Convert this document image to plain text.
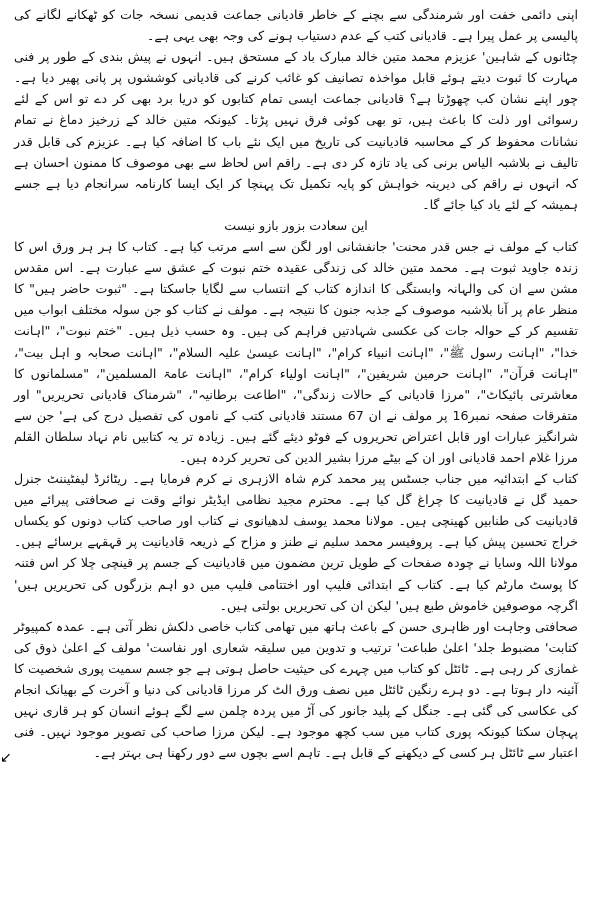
اپنی دائمی خفت اور شرمندگی سے بچنے کے خاطر قادیانی جماعت قدیمی نسخہ جات کو ٹھکانے لگانے کی پالیسی پر عمل پیرا ہے۔ قادیانی کتب کے عدم دستیاب ہونے کی وجہ بھی یہی ہے۔

چٹانوں کے شاہین' عزیزم محمد متین خالد مبارک باد کے مستحق ہیں۔ انہوں نے پیش بندی کے طور پر فنی مہارت کا ثبوت دیتے ہوئے قابل مواخذہ تصانیف کو غائب کرنے کی قادیانی کوششوں پر پانی پھیر دیا ہے۔ چور اپنے نشان کب چھوڑتا ہے؟ قادیانی جماعت ایسی تمام کتابوں کو دریا برد بھی کر دے تو اس کے لئے رسوائی اور ذلت کا باعث ہیں، تو بھی کوئی فرق نہیں پڑتا۔ کیونکہ متین خالد کے زرخیز دماغ نے تمام نشانات محفوظ کر کے محاسبہ قادیانیت کی تاریخ میں ایک نئے باب کا اضافہ کیا ہے۔ عزیزم کی قابل قدر تالیف نے بلاشبہ الیاس برنی کی یاد تازہ کر دی ہے۔ راقم اس لحاظ سے بھی موصوف کا ممنون احسان ہے کہ انہوں نے راقم کی دیرینہ خواہش کو پایہ تکمیل تک پہنچا کر ایک ایسا کارنامہ سرانجام دیا ہے جسے ہمیشہ کے لئے یاد کیا جائے گا۔

این سعادت بزور بازو نیست

کتاب کے مولف نے جس قدر محنت' جانفشانی اور لگن سے اسے مرتب کیا ہے۔ کتاب کا ہر ہر ورق اس کا زندہ جاوید ثبوت ہے۔ محمد متین خالد کی زندگی عقیدہ ختم نبوت کے عشق سے عبارت ہے۔ اس مقدس مشن سے ان کی والہانہ وابستگی کا اندازہ کتاب کے انتساب سے لگایا جاسکتا ہے۔ "ثبوت حاضر ہیں" کا منظر عام پر آنا بلاشبہ موصوف کے جذبہ جنون کا نتیجہ ہے۔ مولف نے کتاب کو جن سولہ مختلف ابواب میں تقسیم کر کے حوالہ جات کی عکسی شہادتیں فراہم کی ہیں۔ وہ حسب ذیل ہیں۔ "ختم نبوت"، "اہانت خدا"، "اہانت رسول ﷺ"، "اہانت انبیاء کرام"، "اہانت عیسیٰ علیہ السلام"، "اہانت صحابہ و اہل بیت"، "اہانت قرآن"، "اہانت حرمین شریفین"، "اہانت اولیاء کرام"، "اہانت عامۃ المسلمین"، "مسلمانوں کا معاشرتی بائیکاٹ"، "مرزا قادیانی کے حالات زندگی"، "اطاعت برطانیہ"، "شرمناک قادیانی تحریریں" اور متفرقات صفحہ نمبر16 پر مولف نے ان 67 مستند قادیانی کتب کے ناموں کی تفصیل درج کی ہے' جن سے شرانگیز عبارات اور قابل اعتراض تحریروں کے فوٹو دیئے گئے ہیں۔ زیادہ تر یہ کتابیں نام نہاد سلطان القلم مرزا غلام احمد قادیانی اور ان کے بیٹے مرزا بشیر الدین کی تحریر کردہ ہیں۔

کتاب کے ابتدائیہ میں جناب جسٹس پیر محمد کرم شاہ الازہری نے کرم فرمایا ہے۔ ریٹائرڈ لیفٹیننٹ جنرل حمید گل نے قادیانیت کا چراغ گل کیا ہے۔ محترم مجید نظامی ایڈیٹر نوائے وقت نے صحافتی پیرائے میں قادیانیت کی طنابیں کھینچی ہیں۔ مولانا محمد یوسف لدھیانوی نے کتاب اور صاحب کتاب دونوں کو یکساں خراج تحسین پیش کیا ہے۔ پروفیسر محمد سلیم نے طنز و مزاح کے ذریعہ قادیانیت پر قہقہے برسائے ہیں۔ مولانا اللہ وسایا نے چودہ صفحات کے طویل ترین مضمون میں قادیانیت کے جسم پر قینچی چلا کر اس فتنہ کا پوسٹ مارٹم کیا ہے۔ کتاب کے ابتدائی فلیپ اور اختتامی فلیپ میں دو اہم بزرگوں کی تحریریں ہیں' اگرچہ موصوفین خاموش طبع ہیں' لیکن ان کی تحریریں بولتی ہیں۔

صحافتی وجاہت اور ظاہری حسن کے باعث ہاتھ میں تھامی کتاب خاصی دلکش نظر آتی ہے۔ عمدہ کمپیوٹر کتابت' مضبوط جلد' اعلیٰ طباعت' ترتیب و تدوین میں سلیقہ شعاری اور نفاست' مولف کے اعلیٰ ذوق کی غمازی کر رہی ہے۔ ٹائٹل کو کتاب میں چہرے کی حیثیت حاصل ہوتی ہے جو جسم سمیت پوری شخصیت کا آئینہ دار ہوتا ہے۔ دو ہرے رنگین ٹائٹل میں نصف ورق الٹ کر مرزا قادیانی کی دنیا و آخرت کے بھیانک انجام کی عکاسی کی گئی ہے۔ جنگل کے پلید جانور کی آڑ میں پردہ چلمن سے لگے ہوئے انسان کو ہر قاری نہیں پہچان سکتا کیونکہ پوری کتاب میں سب کچھ موجود ہے۔ لیکن مرزا صاحب کی تصویر موجود نہیں۔ فنی اعتبار سے ٹائٹل ہر کسی کے دیکھنے کے قابل ہے۔ تاہم اسے بچوں سے دور رکھنا ہی بہتر ہے۔

↙
